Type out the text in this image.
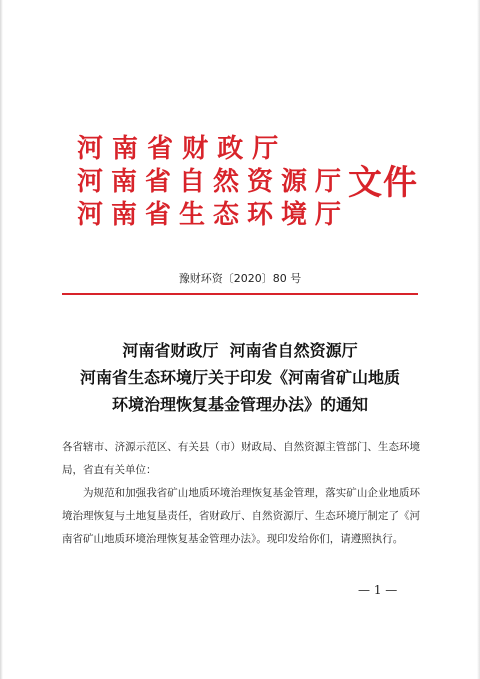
河 南 省 财 政 厅
河南省自然资源厅
河南省生态环境厅
文件
豫财环资〔2020〕80 号
河南省财政厅  河南省自然资源厅
河南省生态环境厅关于印发《河南省矿山地质
环境治理恢复基金管理办法》的通知
各省辖市、济源示范区、有关县（市）财政局、自然资源主管部门、生态环境局，省直有关单位：
为规范和加强我省矿山地质环境治理恢复基金管理，落实矿山企业地质环境治理恢复与土地复垦责任，省财政厅、自然资源厅、生态环境厅制定了《河南省矿山地质环境治理恢复基金管理办法》。现印发给你们，请遵照执行。
— 1 —
